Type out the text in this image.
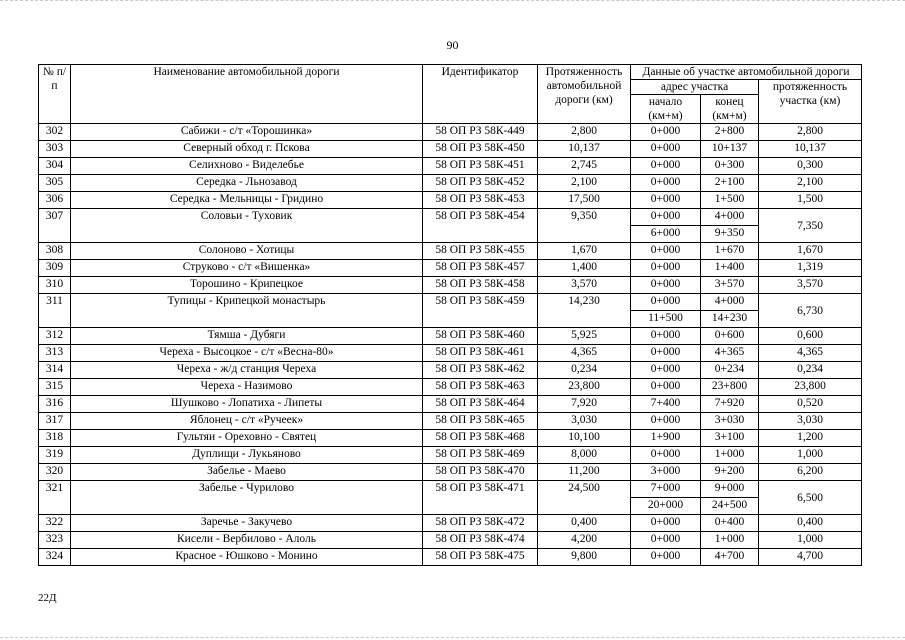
90
№ п/п	Наименование автомобильной дороги	Идентификатор	Протяженность автомобильной дороги (км)	Данные об участке автомобильной дороги		
				адрес участка		протяженность участка (км)
				начало (км+м)	конец (км+м)	
302	Сабижи - с/т «Торошинка»	58 ОП РЗ 58К-449	2,800	0+000	2+800	2,800
303	Северный обход г. Пскова	58 ОП РЗ 58К-450	10,137	0+000	10+137	10,137
304	Селихново - Виделебье	58 ОП РЗ 58К-451	2,745	0+000	0+300	0,300
305	Середка - Льнозавод	58 ОП РЗ 58К-452	2,100	0+000	2+100	2,100
306	Середка - Мельницы - Гридино	58 ОП РЗ 58К-453	17,500	0+000	1+500	1,500
307	Соловьи - Туховик	58 ОП РЗ 58К-454	9,350	0+000	4+000	7,350
				6+000	9+350	
308	Солоново - Хотицы	58 ОП РЗ 58К-455	1,670	0+000	1+670	1,670
309	Струково - с/т «Вишенка»	58 ОП РЗ 58К-457	1,400	0+000	1+400	1,319
310	Торошино - Крипецкое	58 ОП РЗ 58К-458	3,570	0+000	3+570	3,570
311	Тупицы - Крипецкой монастырь	58 ОП РЗ 58К-459	14,230	0+000	4+000	6,730
				11+500	14+230	
312	Тямша - Дубяги	58 ОП РЗ 58К-460	5,925	0+000	0+600	0,600
313	Череха - Высоцкое - с/т «Весна-80»	58 ОП РЗ 58К-461	4,365	0+000	4+365	4,365
314	Череха - ж/д станция Череха	58 ОП РЗ 58К-462	0,234	0+000	0+234	0,234
315	Череха - Назимово	58 ОП РЗ 58К-463	23,800	0+000	23+800	23,800
316	Шушково - Лопатиха - Липеты	58 ОП РЗ 58К-464	7,920	7+400	7+920	0,520
317	Яблонец - с/т «Ручеек»	58 ОП РЗ 58К-465	3,030	0+000	3+030	3,030
318	Гультяи - Ореховно - Святец	58 ОП РЗ 58К-468	10,100	1+900	3+100	1,200
319	Дуплищи - Лукьяново	58 ОП РЗ 58К-469	8,000	0+000	1+000	1,000
320	Забелье - Маево	58 ОП РЗ 58К-470	11,200	3+000	9+200	6,200
321	Забелье - Чурилово	58 ОП РЗ 58К-471	24,500	7+000	9+000	6,500
				20+000	24+500	
322	Заречье - Закучево	58 ОП РЗ 58К-472	0,400	0+000	0+400	0,400
323	Кисели - Вербилово - Алоль	58 ОП РЗ 58К-474	4,200	0+000	1+000	1,000
324	Красное - Юшково - Монино	58 ОП РЗ 58К-475	9,800	0+000	4+700	4,700
22Д
